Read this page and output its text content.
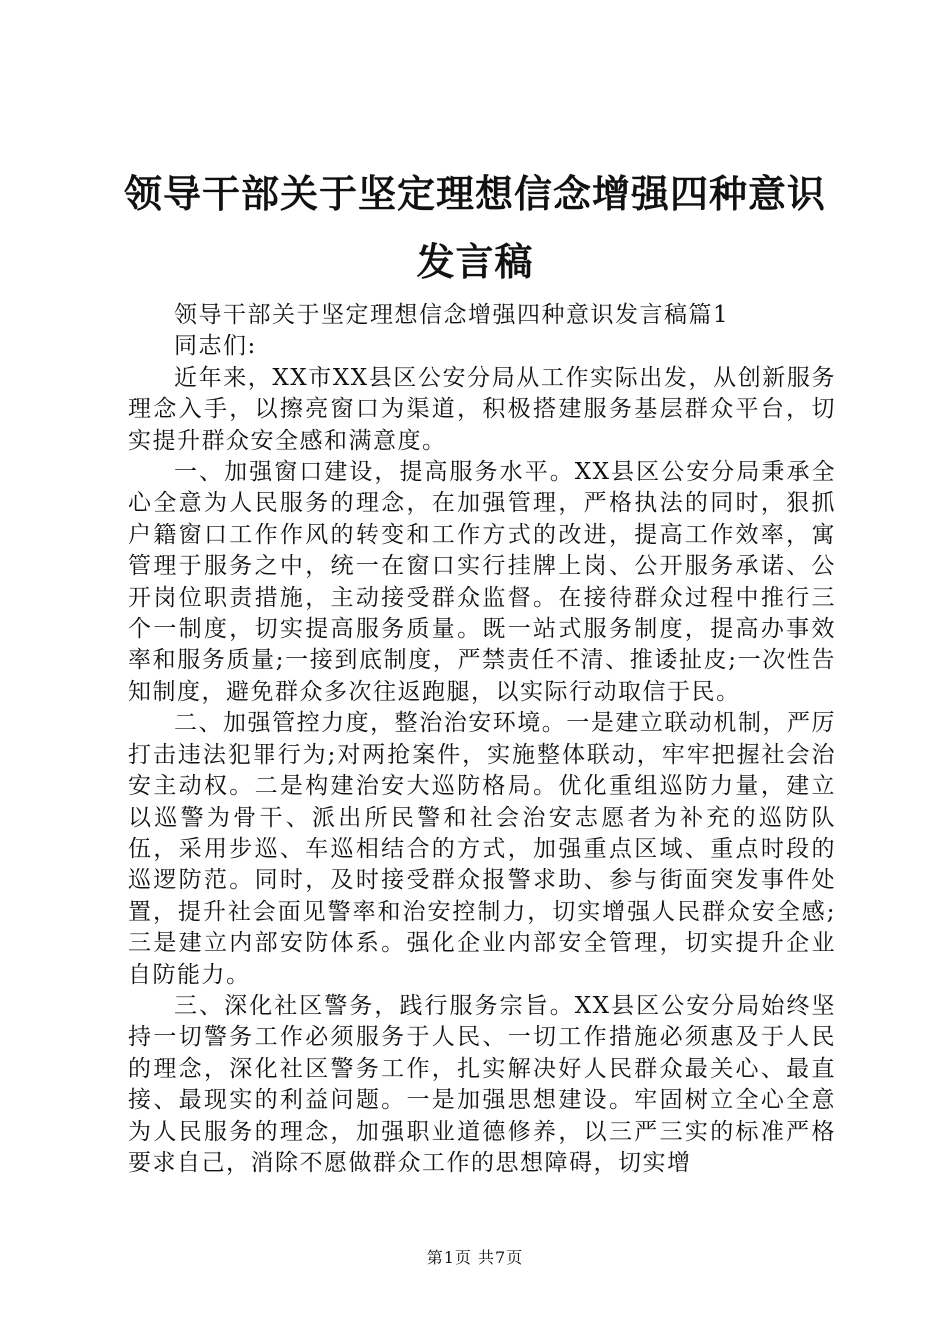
领导干部关于坚定理想信念增强四种意识发言稿

领导干部关于坚定理想信念增强四种意识发言稿篇1

同志们:

近年来，XX市XX县区公安分局从工作实际出发，从创新服务理念入手，以擦亮窗口为渠道，积极搭建服务基层群众平台，切实提升群众安全感和满意度。

一、加强窗口建设，提高服务水平。XX县区公安分局秉承全心全意为人民服务的理念，在加强管理，严格执法的同时，狠抓户籍窗口工作作风的转变和工作方式的改进，提高工作效率，寓管理于服务之中，统一在窗口实行挂牌上岗、公开服务承诺、公开岗位职责措施，主动接受群众监督。在接待群众过程中推行三个一制度，切实提高服务质量。既一站式服务制度，提高办事效率和服务质量;一接到底制度，严禁责任不清、推诿扯皮;一次性告知制度，避免群众多次往返跑腿，以实际行动取信于民。

二、加强管控力度，整治治安环境。一是建立联动机制，严厉打击违法犯罪行为;对两抢案件，实施整体联动，牢牢把握社会治安主动权。二是构建治安大巡防格局。优化重组巡防力量，建立以巡警为骨干、派出所民警和社会治安志愿者为补充的巡防队伍，采用步巡、车巡相结合的方式，加强重点区域、重点时段的巡逻防范。同时，及时接受群众报警求助、参与街面突发事件处置，提升社会面见警率和治安控制力，切实增强人民群众安全感;三是建立内部安防体系。强化企业内部安全管理，切实提升企业自防能力。

三、深化社区警务，践行服务宗旨。XX县区公安分局始终坚持一切警务工作必须服务于人民、一切工作措施必须惠及于人民的理念，深化社区警务工作，扎实解决好人民群众最关心、最直接、最现实的利益问题。一是加强思想建设。牢固树立全心全意为人民服务的理念，加强职业道德修养，以三严三实的标准严格要求自己，消除不愿做群众工作的思想障碍，切实增

第1页 共7页
